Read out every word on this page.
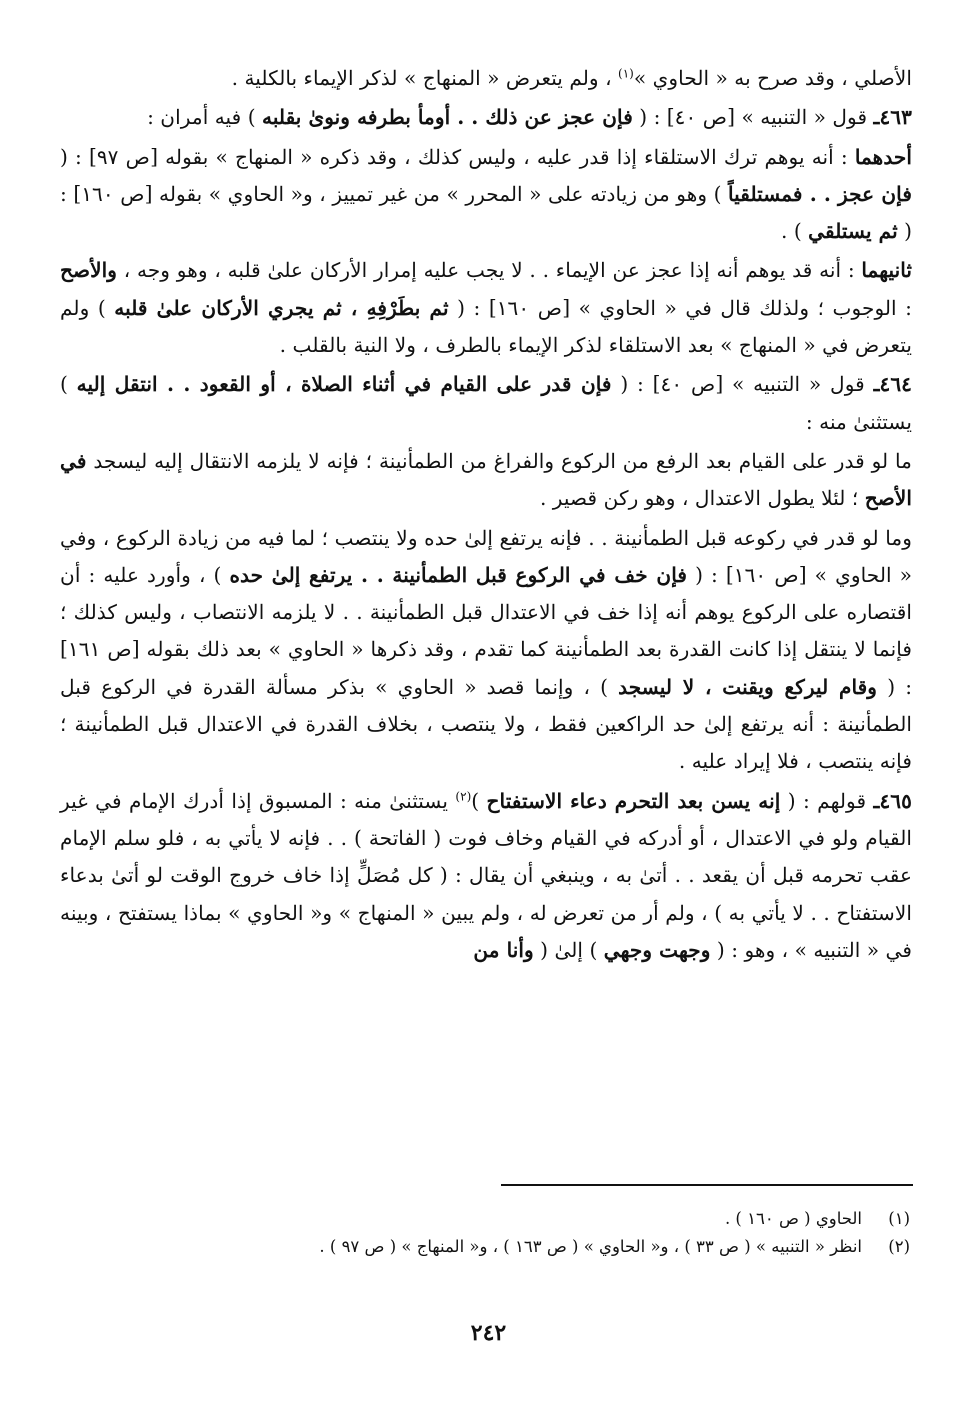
الأصلي ، وقد صرح به « الحاوي »$^{(١)}$ ، ولم يتعرض « المنهاج » لذكر الإيماء بالكلية .

٤٦٣ـ قول « التنبيه » [ص ٤٠] : ( فإن عجز عن ذلك . . أومأ بطرفه ونوىٰ بقلبه ) فيه أمران :

أحدهما : أنه يوهم ترك الاستلقاء إذا قدر عليه ، وليس كذلك ، وقد ذكره « المنهاج » بقوله [ص ٩٧] : ( فإن عجز . . فمستلقياً ) وهو من زيادته على « المحرر » من غير تمييز ، و« الحاوي » بقوله [ص ١٦٠] : ( ثم يستلقي ) .

ثانيهما : أنه قد يوهم أنه إذا عجز عن الإيماء . . لا يجب عليه إمرار الأركان علىٰ قلبه ، وهو وجه ، والأصح : الوجوب ؛ ولذلك قال في « الحاوي » [ص ١٦٠] : ( ثم بطَرْفِهِ ، ثم يجري الأركان علىٰ قلبه ) ولم يتعرض في « المنهاج » بعد الاستلقاء لذكر الإيماء بالطرف ، ولا النية بالقلب .

٤٦٤ـ قول « التنبيه » [ص ٤٠] : ( فإن قدر على القيام في أثناء الصلاة ، أو القعود . . انتقل إليه ) يستثنىٰ منه :

ما لو قدر على القيام بعد الرفع من الركوع والفراغ من الطمأنينة ؛ فإنه لا يلزمه الانتقال إليه ليسجد في الأصح ؛ لئلا يطول الاعتدال ، وهو ركن قصير .

وما لو قدر في ركوعه قبل الطمأنينة . . فإنه يرتفع إلىٰ حده ولا ينتصب ؛ لما فيه من زيادة الركوع ، وفي « الحاوي » [ص ١٦٠] : ( فإن خف في الركوع قبل الطمأنينة . . يرتفع إلىٰ حده ) ، وأورد عليه : أن اقتصاره على الركوع يوهم أنه إذا خف في الاعتدال قبل الطمأنينة . . لا يلزمه الانتصاب ، وليس كذلك ؛ فإنما لا ينتقل إذا كانت القدرة بعد الطمأنينة كما تقدم ، وقد ذكرها « الحاوي » بعد ذلك بقوله [ص ١٦١] : ( وقام ليركع ويقنت ، لا ليسجد ) ، وإنما قصد « الحاوي » بذكر مسألة القدرة في الركوع قبل الطمأنينة : أنه يرتفع إلىٰ حد الراكعين فقط ، ولا ينتصب ، بخلاف القدرة في الاعتدال قبل الطمأنينة ؛ فإنه ينتصب ، فلا إيراد عليه .

٤٦٥ـ قولهم : ( إنه يسن بعد التحرم دعاء الاستفتاح )$^{(٢)}$ يستثنىٰ منه : المسبوق إذا أدرك الإمام في غير القيام ولو في الاعتدال ، أو أدركه في القيام وخاف فوت ( الفاتحة ) . . فإنه لا يأتي به ، فلو سلم الإمام عقب تحرمه قبل أن يقعد . . أتىٰ به ، وينبغي أن يقال : ( كل مُصَلٍّ إذا خاف خروج الوقت لو أتىٰ بدعاء الاستفتاح . . لا يأتي به ) ، ولم أر من تعرض له ، ولم يبين « المنهاج » و« الحاوي » بماذا يستفتح ، وبينه في « التنبيه » ، وهو : ( وجهت وجهي ) إلىٰ ( وأنا من

(١)
الحاوي ( ص ١٦٠ ) .
(٢)
انظر « التنبيه » ( ص ٣٣ ) ، و« الحاوي » ( ص ١٦٣ ) ، و« المنهاج » ( ص ٩٧ ) .
٢٤٢
